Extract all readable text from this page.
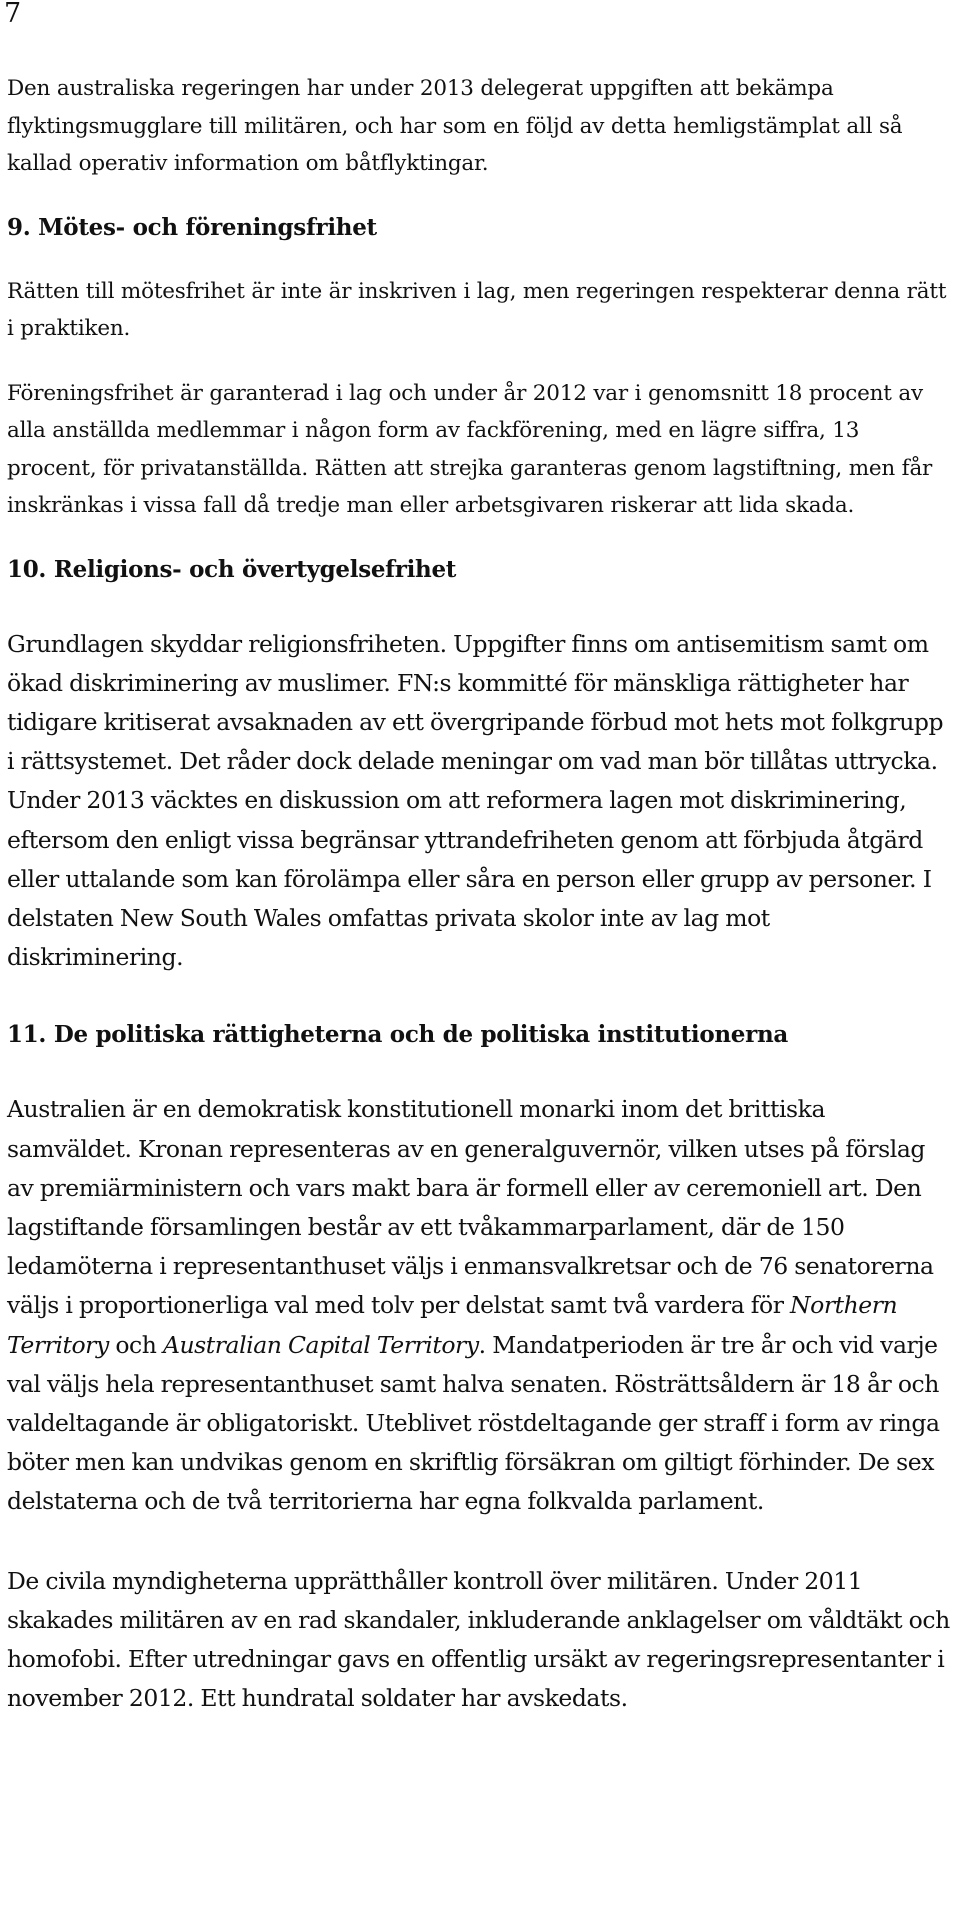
7

Den australiska regeringen har under 2013 delegerat uppgiften att bekämpa flyktingsmugglare till militären, och har som en följd av detta hemligstämplat all så kallad operativ information om båtflyktingar.

9. Mötes- och föreningsfrihet

Rätten till mötesfrihet är inte är inskriven i lag, men regeringen respekterar denna rätt i praktiken.

Föreningsfrihet är garanterad i lag och under år 2012 var i genomsnitt 18 procent av alla anställda medlemmar i någon form av fackförening, med en lägre siffra, 13 procent, för privatanställda. Rätten att strejka garanteras genom lagstiftning, men får inskränkas i vissa fall då tredje man eller arbetsgivaren riskerar att lida skada.

10. Religions- och övertygelsefrihet

Grundlagen skyddar religionsfriheten. Uppgifter finns om antisemitism samt om ökad diskriminering av muslimer. FN:s kommitté för mänskliga rättigheter har tidigare kritiserat avsaknaden av ett övergripande förbud mot hets mot folkgrupp i rättsystemet. Det råder dock delade meningar om vad man bör tillåtas uttrycka. Under 2013 väcktes en diskussion om att reformera lagen mot diskriminering, eftersom den enligt vissa begränsar yttrandefriheten genom att förbjuda åtgärd eller uttalande som kan förolämpa eller såra en person eller grupp av personer. I delstaten New South Wales omfattas privata skolor inte av lag mot diskriminering.

11. De politiska rättigheterna och de politiska institutionerna

Australien är en demokratisk konstitutionell monarki inom det brittiska samväldet. Kronan representeras av en generalguvernör, vilken utses på förslag av premiärministern och vars makt bara är formell eller av ceremoniell art. Den lagstiftande församlingen består av ett tvåkammarparlament, där de 150 ledamöterna i representanthuset väljs i enmansvalkretsar och de 76 senatorerna väljs i proportionerliga val med tolv per delstat samt två vardera för Northern Territory och Australian Capital Territory. Mandatperioden är tre år och vid varje val väljs hela representanthuset samt halva senaten. Rösträttsåldern är 18 år och valdeltagande är obligatoriskt. Uteblivet röstdeltagande ger straff i form av ringa böter men kan undvikas genom en skriftlig försäkran om giltigt förhinder. De sex delstaterna och de två territorierna har egna folkvalda parlament.

De civila myndigheterna upprätthåller kontroll över militären. Under 2011 skakades militären av en rad skandaler, inkluderande anklagelser om våldtäkt och homofobi. Efter utredningar gavs en offentlig ursäkt av regeringsrepresentanter i november 2012. Ett hundratal soldater har avskedats.
